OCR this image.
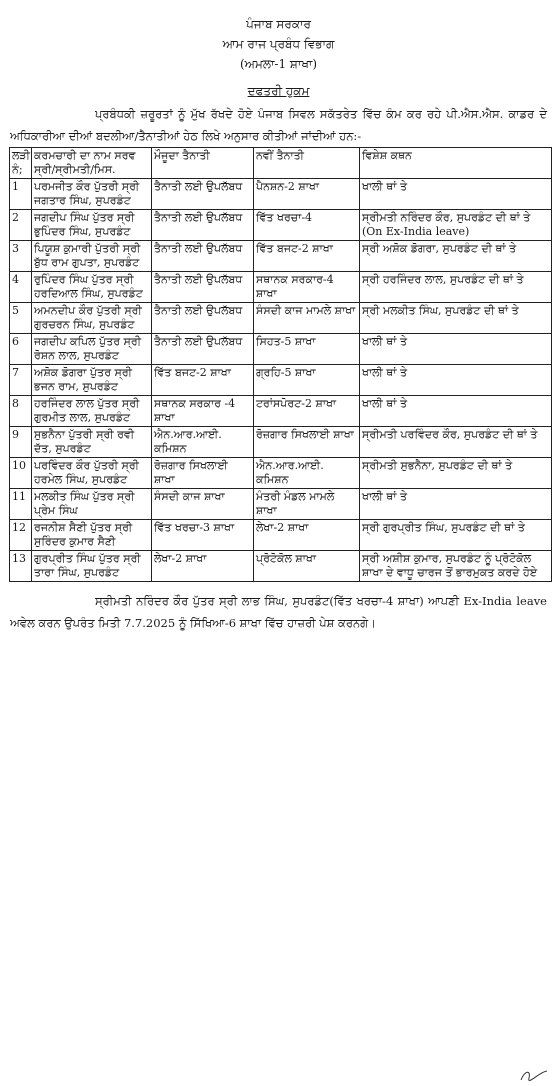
ਪੰਜਾਬ ਸਰਕਾਰ
ਆਮ ਰਾਜ ਪ੍ਰਬੰਧ ਵਿਭਾਗ
(ਅਮਲਾ-1 ਸ਼ਾਖਾ)
ਦਫਤਰੀ ਹੁਕਮ
ਪ੍ਰਬੰਧਕੀ ਜ਼ਰੂਰਤਾਂ ਨੂੰ ਮੁੱਖ ਰੱਖਦੇ ਹੋਏ ਪੰਜਾਬ ਸਿਵਲ ਸਕੱਤਰੇਤ ਵਿੱਚ ਕੰਮ ਕਰ ਰਹੇ ਪੀ.ਐਸ.ਐਸ. ਕਾਡਰ ਦੇ ਅਧਿਕਾਰੀਆ ਦੀਆਂ ਬਦਲੀਆ/ਤੈਨਾਤੀਆਂ ਹੇਠ ਲਿਖੇ ਅਨੁਸਾਰ ਕੀਤੀਆਂ ਜਾਂਦੀਆਂ ਹਨ:-
ਲੜੀ ਨੰ;	ਕਰਮਚਾਰੀ ਦਾ ਨਾਮ ਸਰਵ ਸ੍ਰੀ/ਸ੍ਰੀਮਤੀ/ਮਿਸ.	ਮੌਜੂਦਾ ਤੈਨਾਤੀ	ਨਵੀਂ ਤੈਨਾਤੀ	ਵਿਸ਼ੇਸ਼ ਕਥਨ
1	ਪਰਮਜੀਤ ਕੌਰ ਪੁੱਤਰੀ ਸ੍ਰੀ ਜਗਤਾਰ ਸਿੰਘ, ਸੁਪਰਡੰਟ	ਤੈਨਾਤੀ ਲਈ ਉਪਲੱਬਧ	ਪੈਨਸ਼ਨ-2 ਸ਼ਾਖਾ	ਖਾਲੀ ਥਾਂ ਤੇ
2	ਜਗਦੀਪ ਸਿੰਘ ਪੁੱਤਰ ਸ੍ਰੀ ਭੁਪਿੰਦਰ ਸਿੰਘ, ਸੁਪਰਡੰਟ	ਤੈਨਾਤੀ ਲਈ ਉਪਲੱਬਧ	ਵਿੱਤ ਖਰਚਾ-4	ਸ੍ਰੀਮਤੀ ਨਰਿੰਦਰ ਕੌਰ, ਸੁਪਰਡੰਟ ਦੀ ਥਾਂ ਤੇ (On Ex-India leave)
3	ਪਿਯੂਸ਼ ਕੁਮਾਰੀ ਪੁੱਤਰੀ ਸ੍ਰੀ ਬੁੱਧ ਰਾਮ ਗੁਪਤਾ, ਸੁਪਰਡੰਟ	ਤੈਨਾਤੀ ਲਈ ਉਪਲੱਬਧ	ਵਿੱਤ ਬਜਟ-2 ਸ਼ਾਖਾ	ਸ੍ਰੀ ਅਸ਼ੋਕ ਡੋਗਰਾ, ਸੁਪਰਡੰਟ ਦੀ ਥਾਂ ਤੇ
4	ਰੁਪਿੰਦਰ ਸਿੰਘ ਪੁੱਤਰ ਸ੍ਰੀ ਹਰਦਿਆਲ ਸਿੰਘ, ਸੁਪਰਡੰਟ	ਤੈਨਾਤੀ ਲਈ ਉਪਲੱਬਧ	ਸਥਾਨਕ ਸਰਕਾਰ-4 ਸ਼ਾਖਾ	ਸ੍ਰੀ ਹਰਜਿੰਦਰ ਲਾਲ, ਸੁਪਰਡੰਟ ਦੀ ਥਾਂ ਤੇ
5	ਅਮਨਦੀਪ ਕੌਰ ਪੁੱਤਰੀ ਸ੍ਰੀ ਗੁਰਚਰਨ ਸਿੰਘ, ਸੁਪਰਡੰਟ	ਤੈਨਾਤੀ ਲਈ ਉਪਲੱਬਧ	ਸੰਸਦੀ ਕਾਜ ਮਾਮਲੇ ਸ਼ਾਖਾ	ਸ੍ਰੀ ਮਲਕੀਤ ਸਿੰਘ, ਸੁਪਰਡੰਟ ਦੀ ਥਾਂ ਤੇ
6	ਜਗਦੀਪ ਕਪਿਲ ਪੁੱਤਰ ਸ੍ਰੀ ਰੋਸ਼ਨ ਲਾਲ, ਸੁਪਰਡੰਟ	ਤੈਨਾਤੀ ਲਈ ਉਪਲੱਬਧ	ਸਿਹਤ-5 ਸ਼ਾਖਾ	ਖਾਲੀ ਥਾਂ ਤੇ
7	ਅਸ਼ੋਕ ਡੋਗਰਾ ਪੁੱਤਰ ਸ੍ਰੀ ਭਜਨ ਰਾਮ, ਸੁਪਰਡੰਟ	ਵਿੱਤ ਬਜਟ-2 ਸ਼ਾਖਾ	ਗ੍ਰਹਿ-5 ਸ਼ਾਖਾ	ਖਾਲੀ ਥਾਂ ਤੇ
8	ਹਰਜਿੰਦਰ ਲਾਲ ਪੁੱਤਰ ਸ੍ਰੀ ਗੁਰਮੀਤ ਲਾਲ, ਸੁਪਰਡੰਟ	ਸਥਾਨਕ ਸਰਕਾਰ -4 ਸ਼ਾਖਾ	ਟਰਾਂਸਪੋਰਟ-2 ਸ਼ਾਖਾ	ਖਾਲੀ ਥਾਂ ਤੇ
9	ਸੁਭਨੈਨਾ ਪੁੱਤਰੀ ਸ੍ਰੀ ਰਵੀ ਦੱਤ, ਸੁਪਰਡੰਟ	ਐਨ.ਆਰ.ਆਈ. ਕਮਿਸ਼ਨ	ਰੋਜ਼ਗਾਰ ਸਿਖਲਾਈ ਸ਼ਾਖਾ	ਸ੍ਰੀਮਤੀ ਪਰਵਿੰਦਰ ਕੌਰ, ਸੁਪਰਡੰਟ ਦੀ ਥਾਂ ਤੇ
10	ਪਰਵਿੰਦਰ ਕੌਰ ਪੁੱਤਰੀ ਸ੍ਰੀ ਹਰਮੇਲ ਸਿੰਘ, ਸੁਪਰਡੰਟ	ਰੋਜ਼ਗਾਰ ਸਿਖਲਾਈ ਸ਼ਾਖਾ	ਐਨ.ਆਰ.ਆਈ. ਕਮਿਸ਼ਨ	ਸ੍ਰੀਮਤੀ ਸੁਭਨੈਨਾ, ਸੁਪਰਡੰਟ ਦੀ ਥਾਂ ਤੇ
11	ਮਲਕੀਤ ਸਿੰਘ ਪੁੱਤਰ ਸ੍ਰੀ ਪ੍ਰੇਮ ਸਿੰਘ	ਸੰਸਦੀ ਕਾਜ ਸ਼ਾਖਾ	ਮੰਤਰੀ ਮੰਡਲ ਮਾਮਲੇ ਸ਼ਾਖਾ	ਖਾਲੀ ਥਾਂ ਤੇ
12	ਰਜਨੀਸ਼ ਸੈਣੀ ਪੁੱਤਰ ਸ੍ਰੀ ਸੁਰਿੰਦਰ ਕੁਮਾਰ ਸੈਣੀ	ਵਿੱਤ ਖਰਚਾ-3 ਸ਼ਾਖਾ	ਲੇਖਾ-2 ਸ਼ਾਖਾ	ਸ੍ਰੀ ਗੁਰਪ੍ਰੀਤ ਸਿੰਘ, ਸੁਪਰਡੰਟ ਦੀ ਥਾਂ ਤੇ
13	ਗੁਰਪ੍ਰੀਤ ਸਿੰਘ ਪੁੱਤਰ ਸ੍ਰੀ ਤਾਰਾ ਸਿੰਘ, ਸੁਪਰਡੰਟ	ਲੇਖਾ-2 ਸ਼ਾਖਾ	ਪ੍ਰੋਟੋਕੋਲ ਸ਼ਾਖਾ	ਸ੍ਰੀ ਅਸ਼ੀਸ਼ ਕੁਮਾਰ, ਸੁਪਰਡੰਟ ਨੂੰ ਪ੍ਰੋਟੋਕੋਲ ਸ਼ਾਖਾ ਦੇ ਵਾਧੂ ਚਾਰਜ ਤੋਂ ਭਾਰਮੁਕਤ ਕਰਦੇ ਹੋਏ
ਸ੍ਰੀਮਤੀ ਨਰਿੰਦਰ ਕੌਰ ਪੁੱਤਰ ਸ੍ਰੀ ਲਾਭ ਸਿੰਘ, ਸੁਪਰਡੰਟ(ਵਿੱਤ ਖਰਚਾ-4 ਸ਼ਾਖਾ) ਆਪਣੀ Ex-India leave ਅਵੇਲ ਕਰਨ ਉਪਰੰਤ ਮਿਤੀ 7.7.2025 ਨੂੰ ਸਿੱਖਿਆ-6 ਸ਼ਾਖਾ ਵਿੱਚ ਹਾਜ਼ਰੀ ਪੇਸ਼ ਕਰਨਗੇ।
